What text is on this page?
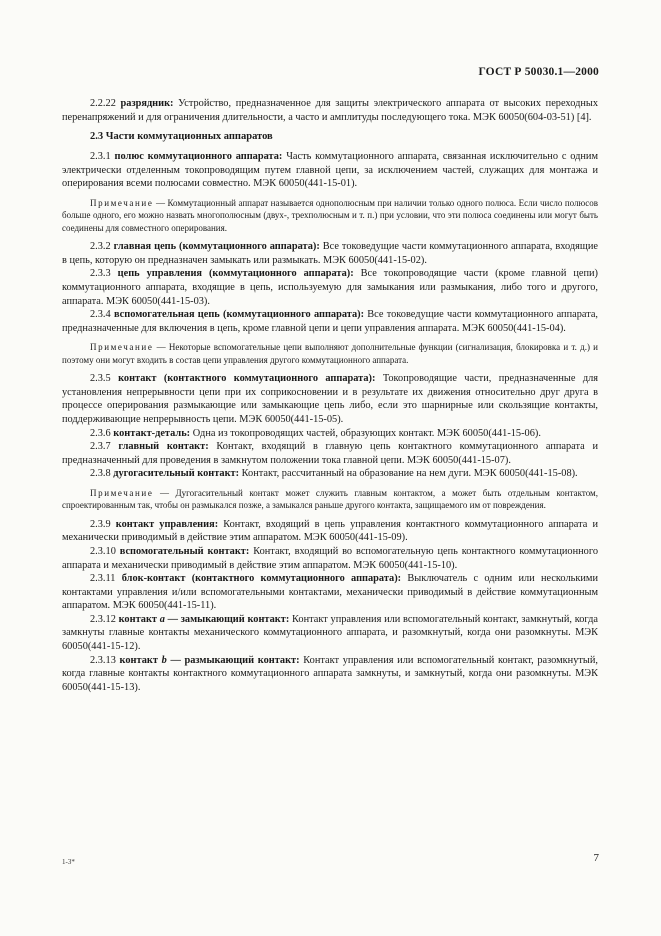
ГОСТ Р 50030.1—2000

2.2.22 разрядник: Устройство, предназначенное для защиты электрического аппарата от высоких переходных перенапряжений и для ограничения длительности, а часто и амплитуды последующего тока. МЭК 60050(604-03-51) [4].

2.3 Части коммутационных аппаратов

2.3.1 полюс коммутационного аппарата: Часть коммутационного аппарата, связанная исключительно с одним электрически отделенным токопроводящим путем главной цепи, за исключением частей, служащих для монтажа и оперирования всеми полюсами совместно. МЭК 60050(441-15-01).

Примечание — Коммутационный аппарат называется однополюсным при наличии только одного полюса. Если число полюсов больше одного, его можно назвать многополюсным (двух-, трехполюсным и т. п.) при условии, что эти полюса соединены или могут быть соединены для совместного оперирования.

2.3.2 главная цепь (коммутационного аппарата): Все токоведущие части коммутационного аппарата, входящие в цепь, которую он предназначен замыкать или размыкать. МЭК 60050(441-15-02).

2.3.3 цепь управления (коммутационного аппарата): Все токопроводящие части (кроме главной цепи) коммутационного аппарата, входящие в цепь, используемую для замыкания или размыкания, либо того и другого, аппарата. МЭК 60050(441-15-03).

2.3.4 вспомогательная цепь (коммутационного аппарата): Все токоведущие части коммутационного аппарата, предназначенные для включения в цепь, кроме главной цепи и цепи управления аппарата. МЭК 60050(441-15-04).

Примечание — Некоторые вспомогательные цепи выполняют дополнительные функции (сигнализация, блокировка и т. д.) и поэтому они могут входить в состав цепи управления другого коммутационного аппарата.

2.3.5 контакт (контактного коммутационного аппарата): Токопроводящие части, предназначенные для установления непрерывности цепи при их соприкосновении и в результате их движения относительно друг друга в процессе оперирования размыкающие или замыкающие цепь либо, если это шарнирные или скользящие контакты, поддерживающие непрерывность цепи. МЭК 60050(441-15-05).

2.3.6 контакт-деталь: Одна из токопроводящих частей, образующих контакт. МЭК 60050(441-15-06).

2.3.7 главный контакт: Контакт, входящий в главную цепь контактного коммутационного аппарата и предназначенный для проведения в замкнутом положении тока главной цепи. МЭК 60050(441-15-07).

2.3.8 дугогасительный контакт: Контакт, рассчитанный на образование на нем дуги. МЭК 60050(441-15-08).

Примечание — Дугогасительный контакт может служить главным контактом, а может быть отдельным контактом, спроектированным так, чтобы он размыкался позже, а замыкался раньше другого контакта, защищаемого им от повреждения.

2.3.9 контакт управления: Контакт, входящий в цепь управления контактного коммутационного аппарата и механически приводимый в действие этим аппаратом. МЭК 60050(441-15-09).

2.3.10 вспомогательный контакт: Контакт, входящий во вспомогательную цепь контактного коммутационного аппарата и механически приводимый в действие этим аппаратом. МЭК 60050(441-15-10).

2.3.11 блок-контакт (контактного коммутационного аппарата): Выключатель с одним или несколькими контактами управления и/или вспомогательными контактами, механически приводимый в действие коммутационным аппаратом. МЭК 60050(441-15-11).

2.3.12 контакт a — замыкающий контакт: Контакт управления или вспомогательный контакт, замкнутый, когда замкнуты главные контакты механического коммутационного аппарата, и разомкнутый, когда они разомкнуты. МЭК 60050(441-15-12).

2.3.13 контакт b — размыкающий контакт: Контакт управления или вспомогательный контакт, разомкнутый, когда главные контакты контактного коммутационного аппарата замкнуты, и замкнутый, когда они разомкнуты. МЭК 60050(441-15-13).

1-3*	7
